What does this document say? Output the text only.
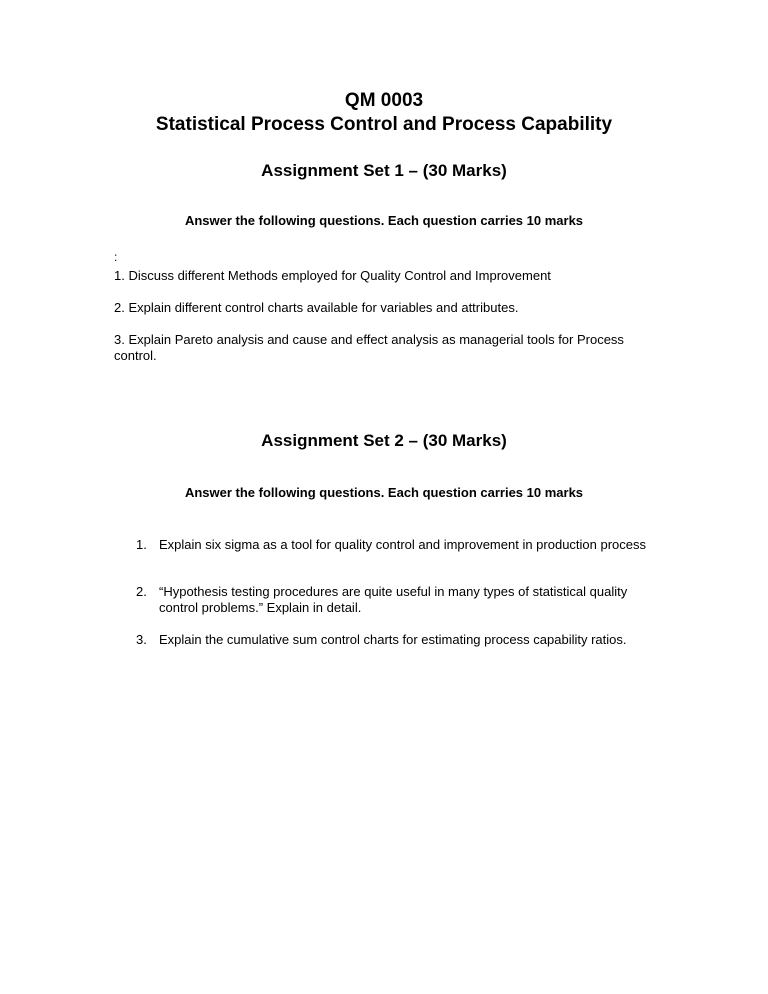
QM 0003
Statistical Process Control and Process Capability
Assignment Set 1 – (30 Marks)
Answer the following questions. Each question carries 10 marks
:
1. Discuss different Methods employed for Quality Control and Improvement
2. Explain different control charts available for variables and attributes.
3. Explain Pareto analysis and cause and effect analysis as managerial tools for Process control.
Assignment Set 2 – (30 Marks)
Answer the following questions. Each question carries 10 marks
1. Explain six sigma as a tool for quality control and improvement in production process
2. “Hypothesis testing procedures are quite useful in many types of statistical quality control problems.” Explain in detail.
3. Explain the cumulative sum control charts for estimating process capability ratios.
